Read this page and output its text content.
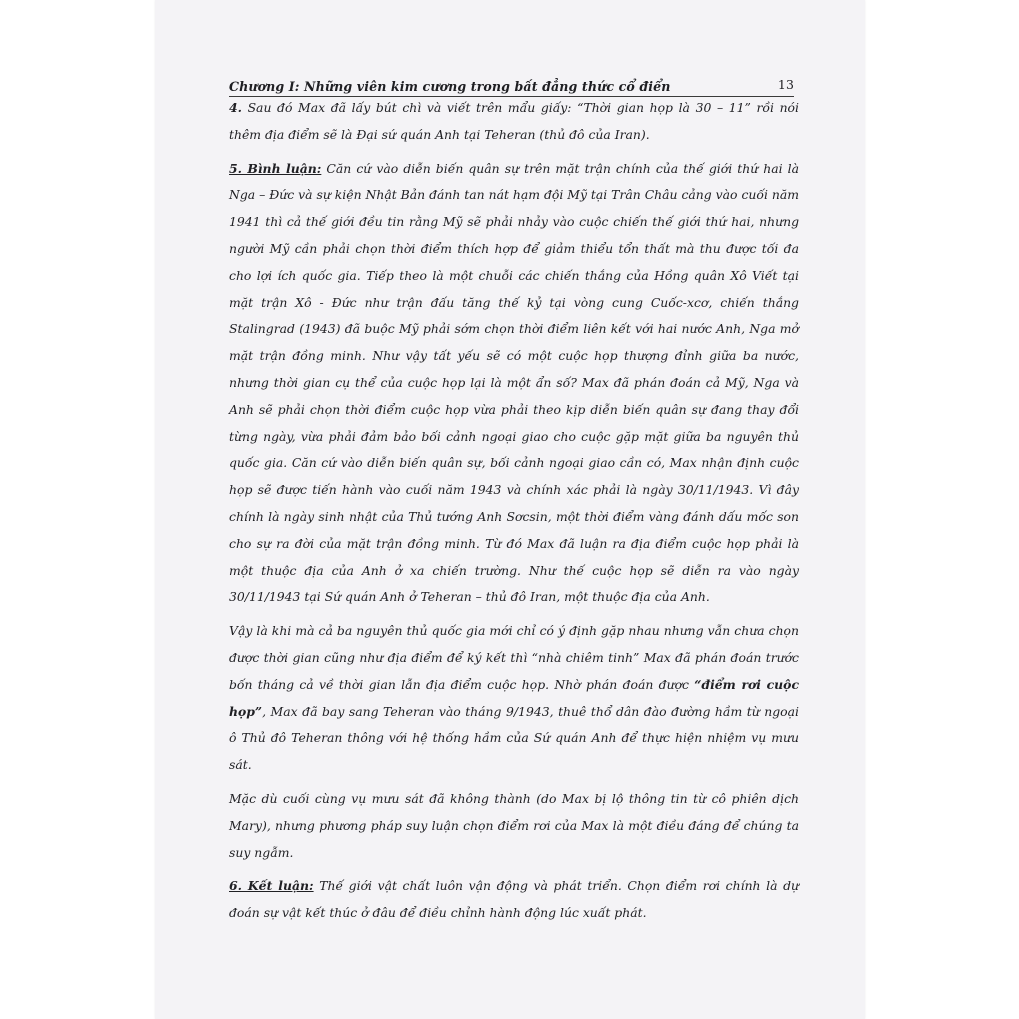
Chương I: Những viên kim cương trong bất đẳng thức cổ điển	13

4. Sau đó Max đã lấy bút chì và viết trên mẩu giấy: “Thời gian họp là 30 – 11” rồi nói thêm địa điểm sẽ là Đại sứ quán Anh tại Teheran (thủ đô của Iran).

5. Bình luận: Căn cứ vào diễn biến quân sự trên mặt trận chính của thế giới thứ hai là Nga – Đức và sự kiện Nhật Bản đánh tan nát hạm đội Mỹ tại Trân Châu cảng vào cuối năm 1941 thì cả thế giới đều tin rằng Mỹ sẽ phải nhảy vào cuộc chiến thế giới thứ hai, nhưng người Mỹ cần phải chọn thời điểm thích hợp để giảm thiểu tổn thất mà thu được tối đa cho lợi ích quốc gia. Tiếp theo là một chuỗi các chiến thắng của Hồng quân Xô Viết tại mặt trận Xô - Đức như trận đấu tăng thế kỷ tại vòng cung Cuốc-xcơ, chiến thắng Stalingrad (1943) đã buộc Mỹ phải sớm chọn thời điểm liên kết với hai nước Anh, Nga mở mặt trận đồng minh. Như vậy tất yếu sẽ có một cuộc họp thượng đỉnh giữa ba nước, nhưng thời gian cụ thể của cuộc họp lại là một ẩn số? Max đã phán đoán cả Mỹ, Nga và Anh sẽ phải chọn thời điểm cuộc họp vừa phải theo kịp diễn biến quân sự đang thay đổi từng ngày, vừa phải đảm bảo bối cảnh ngoại giao cho cuộc gặp mặt giữa ba nguyên thủ quốc gia. Căn cứ vào diễn biến quân sự, bối cảnh ngoại giao cần có, Max nhận định cuộc họp sẽ được tiến hành vào cuối năm 1943 và chính xác phải là ngày 30/11/1943. Vì đây chính là ngày sinh nhật của Thủ tướng Anh Sơcsin, một thời điểm vàng đánh dấu mốc son cho sự ra đời của mặt trận đồng minh. Từ đó Max đã luận ra địa điểm cuộc họp phải là một thuộc địa của Anh ở xa chiến trường. Như thế cuộc họp sẽ diễn ra vào ngày 30/11/1943 tại Sứ quán Anh ở Teheran – thủ đô Iran, một thuộc địa của Anh.

Vậy là khi mà cả ba nguyên thủ quốc gia mới chỉ có ý định gặp nhau nhưng vẫn chưa chọn được thời gian cũng như địa điểm để ký kết thì “nhà chiêm tinh” Max đã phán đoán trước bốn tháng cả về thời gian lẫn địa điểm cuộc họp. Nhờ phán đoán được “điểm rơi cuộc họp”, Max đã bay sang Teheran vào tháng 9/1943, thuê thổ dân đào đường hầm từ ngoại ô Thủ đô Teheran thông với hệ thống hầm của Sứ quán Anh để thực hiện nhiệm vụ mưu sát.

Mặc dù cuối cùng vụ mưu sát đã không thành (do Max bị lộ thông tin từ cô phiên dịch Mary), nhưng phương pháp suy luận chọn điểm rơi của Max là một điều đáng để chúng ta suy ngẫm.

6. Kết luận: Thế giới vật chất luôn vận động và phát triển. Chọn điểm rơi chính là dự đoán sự vật kết thúc ở đâu để điều chỉnh hành động lúc xuất phát.
